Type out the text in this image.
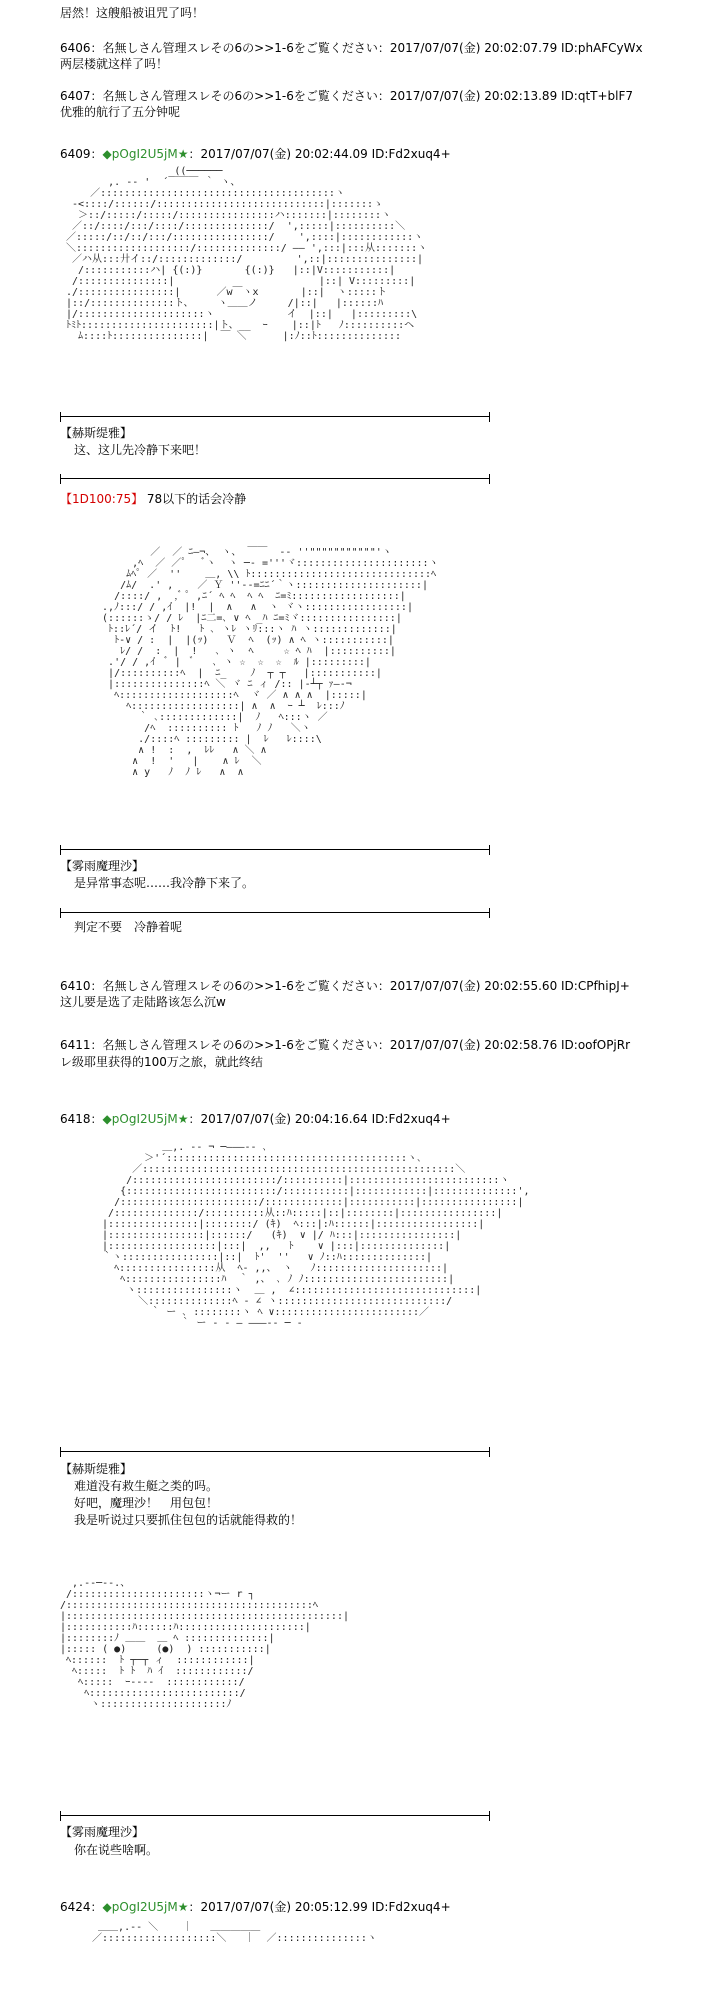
居然！这艘船被诅咒了吗！
6406：名無しさん管理スレその6の>>1-6をご覧ください：2017/07/07(金) 20:02:07.79 ID:phAFCyWx
两层楼就这样了吗！
6407：名無しさん管理スレその6の>>1-6をご覧ください：2017/07/07(金) 20:02:13.89 ID:qtT+blF7
优雅的航行了五分钟呢
6409：◆pOgI2U5jM★：2017/07/07(金) 20:02:44.09 ID:Fd2xuq4+
_((──────
,. -‐ '  ´￣￣￣ ｀ ヽ、
／:::::::::::::::::::::::::::::::::::::::ヽ
-<::::/::::::/::::::::::::::::::::::::::::|:::::::ゝ
＞::/:::::/:::::/::::::::::::::::ハ:::::::|::::::::ヽ
／::/::::/:::/::::/::::::::::::::/  ',:::::|::::::::::＼
／:::::/::/::/:::/::::::::::::::::/    ',::::|::::::::::::ヽ
＼:::::::::::::::::::/::::::::::::::/ ―― ',:::|:::从:::::::ヽ
／ハ从:::廾イ::/:::::::::::::/         ',::|:::::::::::::::|
/:::::::::::ハ| {(:)}       {(:)}   |::|V:::::::::::|
/:::::::::::::::|                        |::| V:::::::::|
./::::::::::::::::|      ／w￣ヽx       |::|  ヽ:::::ト
|::/::::::::::::::ト、    ヽ＿＿ノ     /|::|   |::::::ﾊ
|/:::::::::::::::::::::ヽ            イ  |::|   |:::::::::\
ﾄﾐﾄ::::::::::::::::::::::|ト、__  ｰ    |::|ﾄ   ﾉ::::::::::ヘ
ﾑ::::ﾄ:::::::::::::::|  ￣ ＼      |:ﾉ::ﾄ::::::::::::::
【赫斯缇雅】
这、这儿先冷静下来吧！
【1D100:75】 78以下的话会冷静
／  ／ ﾆ―¬、 ヽ、 ￣￣  -‐ ''"""""""""""'ヽ
,ﾍ  ／ ／ﾟ   ﾞヽ  ヽ ─‐ ='''ヾ::::::::::::::::::::::ヽ
ﾑﾍﾟ ／  ''    ＿, \\ ﾄ::::::::::::::::::::::::::::::ﾍ
/ﾑ/  .' ,    ／ Ｙ ''‐-=ﾆﾆ´｀ヽ:::::::::::::::::::::|
/::::/ ,  ,ﾞ ﾟ ,ﾆ´ ﾍ ﾍ  ﾍ ﾍ  ﾆ=ﾐ::::::::::::::::::|
.,ﾉ:::/ / ,ｲ  |!  |  ∧   ∧  ヽ ヾヽ:::::::::::::::::|
(::::::ゝ/ / ﾚ  |ﾆ二=､ ∨ ﾍ _ﾊ ﾆ=ﾐヾ::::::::::::::::|
ﾄ::ﾚ´/ イ  ﾄ!   ﾄ ､ ヽﾚ ヽﾘ:::ヽ ﾊ ヽ:::::::::::::|
ﾄ-∨ / :  |  |(ｯ)   Ｖ  ﾍ  (ｯ) ∧ ﾍ ヽ:::::::::::|
ﾚ/ /  :  |  !   ､ ヽ  ﾍ     ☆ ﾍ ﾊ  |::::::::::|
.'/ / ,ｲ  ﾞ |  ﾞ   ､ ヽ ☆  ☆  ☆  ﾙ |:::::::::|
|/::::::::::ﾍ  |  ﾆ_    ﾉ  ┬ ┬   |:::::::::::|
|:::::::::::::::ﾍ ＼ ヾ ﾆ ィ /:: |‐┴┬ ｧ―‐¬
ﾍ:::::::::::::::::::ﾍ  ヾ ／ ∧ ∧ ∧  |:::::|
ﾍ::::::::::::::::::| ∧  ∧  ｰ ┴  ﾚ:::ﾉ
｀ ､:::::::::::::|  ﾉ   ﾍ:::ヽ ／
/ﾍ  :::::::::: ﾄ   ﾉ ﾉ   ＼ヽ
./::::ﾍ ::::::::: |  ﾚ   ﾚ::::\
∧ !  :  ,  ﾚﾚ   ∧ ＼ ∧
∧  !  '   |    ∧ ﾚ  ＼
∧ y   ﾉ  ﾉ ﾚ   ∧  ∧
【雾雨魔理沙】
是异常事态呢……我冷静下来了。
判定不要　冷静着呢
6410：名無しさん管理スレその6の>>1-6をご覧ください：2017/07/07(金) 20:02:55.60 ID:CPfhipJ+
这儿要是选了走陆路该怎么沉w
6411：名無しさん管理スレその6の>>1-6をご覧ください：2017/07/07(金) 20:02:58.76 ID:oofOPjRr
レ级耶里获得的100万之旅，就此终结
6418：◆pOgI2U5jM★：2017/07/07(金) 20:04:16.64 ID:Fd2xuq4+
＿,. -‐ ¬ ─―――‐- ､
＞'´::::::::::::::::::::::::::::::::::::::::ヽ､
／::::::::::::::::::::::::::::::::::::::::::::::::::::＼
/::::::::::::::::::::::::/::::::::::|:::::::::::::::::::::::::ヽ
{:::::::::::::::::::::::::/:::::::::::|::::::::::::|::::::::::::::',
/:::::::::::::::::::::::/:::::::::::::|:::::::::::|::::::::::::::::|
/::::::::::::::/::::::::::从::ﾊ:::::|::|::::::::|::::::::::::::::|
|:::::::::::::::|::::::::/ (ｷ)  ﾍ:::|:ﾊ::::::|:::::::::::::::::|
|::::::::::::::::|::::::/   (ｷ)  ∨ |/ ﾊ:::|::::::::::::::::|
|::::::::::::::::::|:::|  ,,   ﾄ    ∨ |:::|::::::::::::::|
｀ヽ::::::::::::::::|::|  ﾄ'  ''   ∨ ﾉ::ﾊ::::::::::::::|
ﾍ::::::::::::::::从  ﾍ‐ ,,、 ヽ   ﾉ:::::::::::::::::::::|
ﾍ::::::::::::::::ﾊ  ｀ ,、 ､ ﾉ ﾉ::::::::::::::::::::::::|
ヽ::::::::::::::::ヽ  ＿ ,  ∠::::::::::::::::::::::::::::::|
＼::::::::::::::ﾍ ‐ ∠ ヽ::::::::::::::::::::::::::::/
｀ ー ､ ::::::::ヽ ﾍ ∨::::::::::::::::::::::::／
｀ ー ‐ ‐ ― ―――‐- ─ ‐
【赫斯缇雅】
难道没有救生艇之类的吗。
好吧，魔理沙！　用包包！
我是听说过只要抓住包包的话就能得救的！
,.-‐─‐-.、
/::::::::::::::::::::::ヽ¬ー r ┐
/:::::::::::::::::::::::::::::::::::::::::ﾍ
|::::::::::::::::::::::::::::::::::::::::::::::|
|:::::::::::ﾊ::::::ﾊ:::::::::::::::::::::|
|::::::::ﾉ ＿＿  ＿ ﾍ ::::::::::::::|
|::::: ( ●)     (●)  ) :::::::::::|
ﾍ::::::  ﾄ ┬─┬ ィ  ::::::::::::|
ﾍ:::::  ﾄ ﾄ  ﾊ ｲ  ::::::::::::/
ﾍ:::::  ｰ---‐  ::::::::::::/
ﾍ:::::::::::::::::::::::::/
ヽ:::::::::::::::::::::ﾉ
【雾雨魔理沙】
你在说些啥啊。
6424：◆pOgI2U5jM★：2017/07/07(金) 20:05:12.99 ID:Fd2xuq4+
＿＿,.-‐ ＼    ｜   ＿＿＿＿＿
／:::::::::::::::::::＼   ｜  ／:::::::::::::::ヽ
